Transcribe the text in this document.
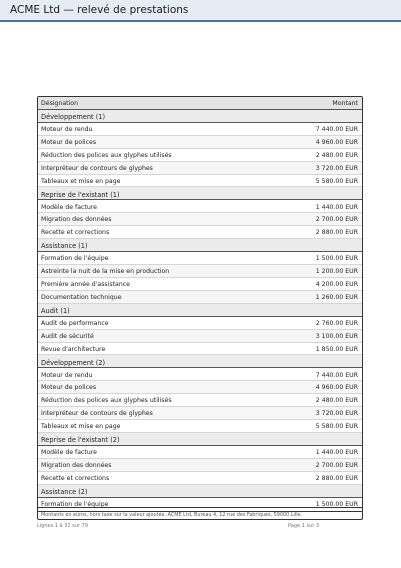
ACME Ltd — relevé de prestations
Désignation	Montant
Développement (1)
Moteur de rendu	7 440.00 EUR
Moteur de polices	4 960.00 EUR
Réduction des polices aux glyphes utilisés	2 480.00 EUR
Interpréteur de contours de glyphes	3 720.00 EUR
Tableaux et mise en page	5 580.00 EUR
Reprise de l'existant (1)
Modèle de facture	1 440.00 EUR
Migration des données	2 700.00 EUR
Recette et corrections	2 880.00 EUR
Assistance (1)
Formation de l'équipe	1 500.00 EUR
Astreinte la nuit de la mise en production	1 200.00 EUR
Première année d'assistance	4 200.00 EUR
Documentation technique	1 260.00 EUR
Audit (1)
Audit de performance	2 760.00 EUR
Audit de sécurité	3 100.00 EUR
Revue d'architecture	1 850.00 EUR
Développement (2)
Moteur de rendu	7 440.00 EUR
Moteur de polices	4 960.00 EUR
Réduction des polices aux glyphes utilisés	2 480.00 EUR
Interpréteur de contours de glyphes	3 720.00 EUR
Tableaux et mise en page	5 580.00 EUR
Reprise de l'existant (2)
Modèle de facture	1 440.00 EUR
Migration des données	2 700.00 EUR
Recette et corrections	2 880.00 EUR
Assistance (2)
Formation de l'équipe	1 500.00 EUR
Montants en euros, hors taxe sur la valeur ajoutée. ACME Ltd, Bureau 4, 12 rue des Fabriques, 59000 Lille.
Lignes 1 à 31 sur 79	Page 1 sur 3
